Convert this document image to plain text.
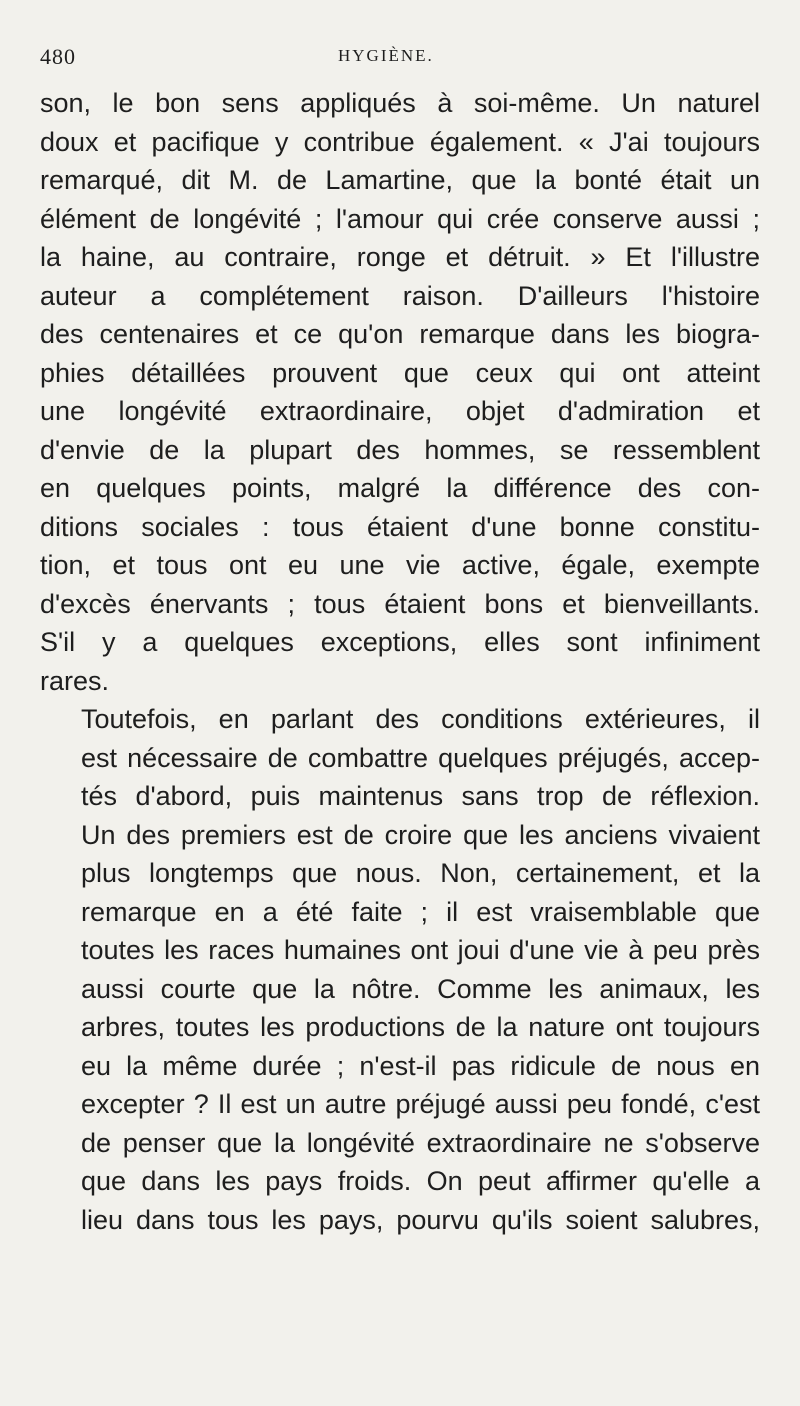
480	HYGIÈNE.

son, le bon sens appliqués à soi-même. Un naturel
doux et pacifique y contribue également. « J'ai toujours
remarqué, dit M. de Lamartine, que la bonté était un
élément de longévité ; l'amour qui crée conserve aussi ;
la haine, au contraire, ronge et détruit. » Et l'illustre
auteur a complétement raison. D'ailleurs l'histoire
des centenaires et ce qu'on remarque dans les biogra-
phies détaillées prouvent que ceux qui ont atteint
une longévité extraordinaire, objet d'admiration et
d'envie de la plupart des hommes, se ressemblent
en quelques points, malgré la différence des con-
ditions sociales : tous étaient d'une bonne constitu-
tion, et tous ont eu une vie active, égale, exempte
d'excès énervants ; tous étaient bons et bienveillants.
S'il y a quelques exceptions, elles sont infiniment
rares.

Toutefois, en parlant des conditions extérieures, il
est nécessaire de combattre quelques préjugés, accep-
tés d'abord, puis maintenus sans trop de réflexion.
Un des premiers est de croire que les anciens vivaient
plus longtemps que nous. Non, certainement, et la
remarque en a été faite ; il est vraisemblable que
toutes les races humaines ont joui d'une vie à peu près
aussi courte que la nôtre. Comme les animaux, les
arbres, toutes les productions de la nature ont toujours
eu la même durée ; n'est-il pas ridicule de nous en
excepter ? Il est un autre préjugé aussi peu fondé, c'est
de penser que la longévité extraordinaire ne s'observe
que dans les pays froids. On peut affirmer qu'elle a
lieu dans tous les pays, pourvu qu'ils soient salubres,
